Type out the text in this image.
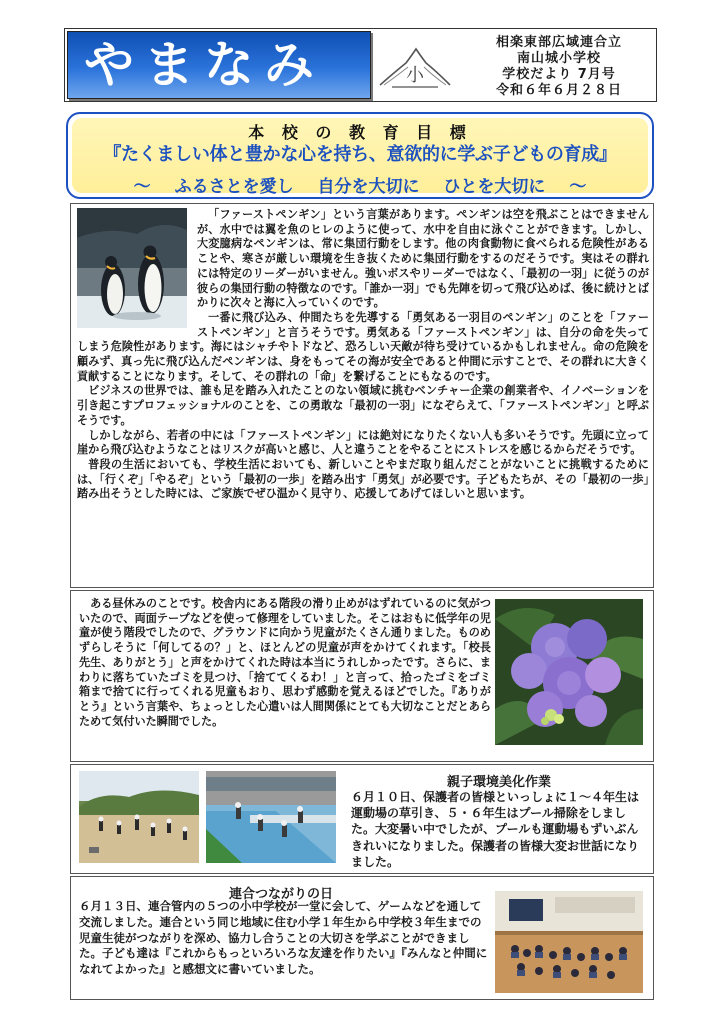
やまなみ	小
相楽東部広域連合立
南山城小学校
学校だより 7月号
令和６年６月２８日
本 校 の 教 育 目 標
『たくましい体と豊かな心を持ち、意欲的に学ぶ子どもの育成』
〜 ふるさとを愛し 自分を大切に ひとを大切に 〜

「ファーストペンギン」という言葉があります。ペンギンは空を飛ぶことはできませんが、水中では翼を魚のヒレのように使って、水中を自由に泳ぐことができます。しかし、大変臆病なペンギンは、常に集団行動をします。他の肉食動物に食べられる危険性があることや、寒さが厳しい環境を生き抜くために集団行動をするのだそうです。実はその群れには特定のリーダーがいません。強いボスやリーダーではなく、「最初の一羽」に従うのが彼らの集団行動の特徴なのです。「誰か一羽」でも先陣を切って飛び込めば、後に続けとばかりに次々と海に入っていくのです。

一番に飛び込み、仲間たちを先導する「勇気ある一羽目のペンギン」のことを「ファーストペンギン」と言うそうです。勇気ある「ファーストペンギン」は、自分の命を失ってしまう危険性があります。海にはシャチやトドなど、恐ろしい天敵が待ち受けているかもしれません。命の危険を顧みず、真っ先に飛び込んだペンギンは、身をもってその海が安全であると仲間に示すことで、その群れに大きく貢献することになります。そして、その群れの「命」を繋げることにもなるのです。

ビジネスの世界では、誰も足を踏み入れたことのない領域に挑むベンチャー企業の創業者や、イノベーションを引き起こすプロフェッショナルのことを、この勇敢な「最初の一羽」になぞらえて、「ファーストペンギン」と呼ぶそうです。

しかしながら、若者の中には「ファーストペンギン」には絶対になりたくない人も多いそうです。先頭に立って崖から飛び込むようなことはリスクが高いと感じ、人と違うことをやることにストレスを感じるからだそうです。

普段の生活においても、学校生活においても、新しいことやまだ取り組んだことがないことに挑戦するためには、「行くぞ」「やるぞ」という「最初の一歩」を踏み出す「勇気」が必要です。子どもたちが、その「最初の一歩」踏み出そうとした時には、ご家族でぜひ温かく見守り、応援してあげてほしいと思います。

ある昼休みのことです。校舎内にある階段の滑り止めがはずれているのに気がついたので、両面テープなどを使って修理をしていました。そこはおもに低学年の児童が使う階段でしたので、グラウンドに向かう児童がたくさん通りました。ものめずらしそうに「何してるの？」と、ほとんどの児童が声をかけてくれます。「校長先生、ありがとう」と声をかけてくれた時は本当にうれしかったです。さらに、まわりに落ちていたゴミを見つけ、「捨ててくるわ！」と言って、拾ったゴミをゴミ箱まで捨てに行ってくれる児童もおり、思わず感動を覚えるほどでした。『ありがとう』という言葉や、ちょっとした心遣いは人間関係にとても大切なことだとあらためて気付いた瞬間でした。

親子環境美化作業
６月１０日、保護者の皆様といっしょに１〜４年生は運動場の草引き、５・６年生はプール掃除をしました。大変暑い中でしたが、プールも運動場もずいぶんきれいになりました。保護者の皆様大変お世話になりました。
連合つながりの日
６月１３日、連合管内の５つの小中学校が一堂に会して、ゲームなどを通して交流しました。連合という同じ地域に住む小学１年生から中学校３年生までの児童生徒がつながりを深め、協力し合うことの大切さを学ぶことができました。子ども達は『これからもっといろいろな友達を作りたい』『みんなと仲間になれてよかった』と感想文に書いていました。
